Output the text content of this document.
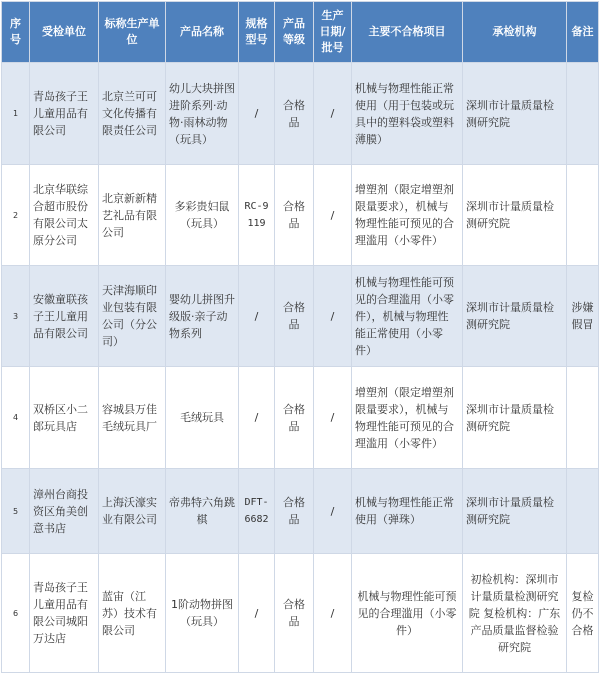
序号	受检单位	标称生产单位	产品名称	规格型号	产品等级	生产日期/批号	主要不合格项目	承检机构	备注
1	青岛孩子王儿童用品有限公司	北京兰可可文化传播有限责任公司	幼儿大块拼图进阶系列·动物·雨林动物（玩具）	/	合格品	/	机械与物理性能正常使用（用于包装或玩具中的塑料袋或塑料薄膜）	深圳市计量质量检测研究院	
2	北京华联综合超市股份有限公司太原分公司	北京新新精艺礼品有限公司	多彩贵妇鼠（玩具）	RC-9119	合格品	/	增塑剂（限定增塑剂限量要求），机械与物理性能可预见的合理滥用（小零件）	深圳市计量质量检测研究院	
3	安徽童联孩子王儿童用品有限公司	天津海顺印业包装有限公司（分公司）	婴幼儿拼图升级版·亲子动物系列	/	合格品	/	机械与物理性能可预见的合理滥用（小零件），机械与物理性能正常使用（小零件）	深圳市计量质量检测研究院	涉嫌假冒
4	双桥区小二郎玩具店	容城县万佳毛绒玩具厂	毛绒玩具	/	合格品	/	增塑剂（限定增塑剂限量要求），机械与物理性能可预见的合理滥用（小零件）	深圳市计量质量检测研究院	
5	漳州台商投资区角美创意书店	上海沃濠实业有限公司	帝弗特六角跳棋	DFT-6682	合格品	/	机械与物理性能正常使用（弹珠）	深圳市计量质量检测研究院	
6	青岛孩子王儿童用品有限公司城阳万达店	蓝宙（江苏）技术有限公司	1阶动物拼图（玩具）	/	合格品	/	机械与物理性能可预见的合理滥用（小零件）	初检机构：深圳市计量质量检测研究院 复检机构：广东产品质量监督检验研究院	复检仍不合格
